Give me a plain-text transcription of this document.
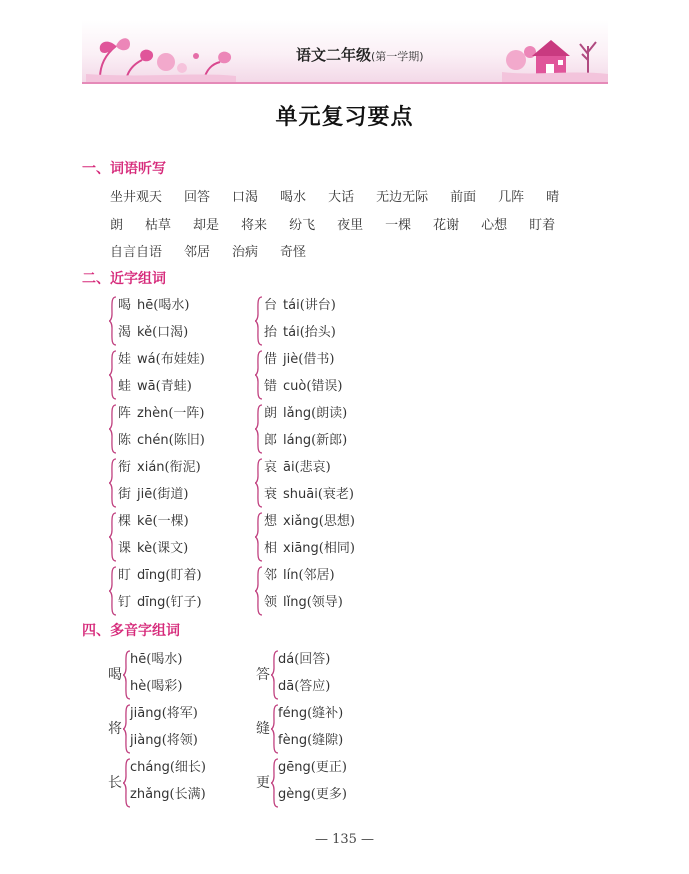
语文二年级(第一学期)
单元复习要点
一、词语听写
坐井观天 回答 口渴 喝水 大话 无边无际 前面 几阵 晴
朗 枯草 却是 将来 纷飞 夜里 一棵 花谢 心想 盯着
自言自语 邻居 治病 奇怪
二、近字组词
喝 hē(喝水)
渴 kě(口渴)
台 tái(讲台)
抬 tái(抬头)
娃 wá(布娃娃)
蛙 wā(青蛙)
借 jiè(借书)
错 cuò(错误)
阵 zhèn(一阵)
陈 chén(陈旧)
朗 lǎng(朗读)
郎 láng(新郎)
衔 xián(衔泥)
街 jiē(街道)
哀 āi(悲哀)
衰 shuāi(衰老)
棵 kē(一棵)
课 kè(课文)
想 xiǎng(思想)
相 xiāng(相同)
盯 dīng(盯着)
钉 dīng(钉子)
邻 lín(邻居)
领 lǐng(领导)
四、多音字组词
喝
hē(喝水)
hè(喝彩)
答
dá(回答)
dā(答应)
将
jiāng(将军)
jiàng(将领)
缝
féng(缝补)
fèng(缝隙)
长
cháng(细长)
zhǎng(长满)
更
gēng(更正)
gèng(更多)
— 135 —
